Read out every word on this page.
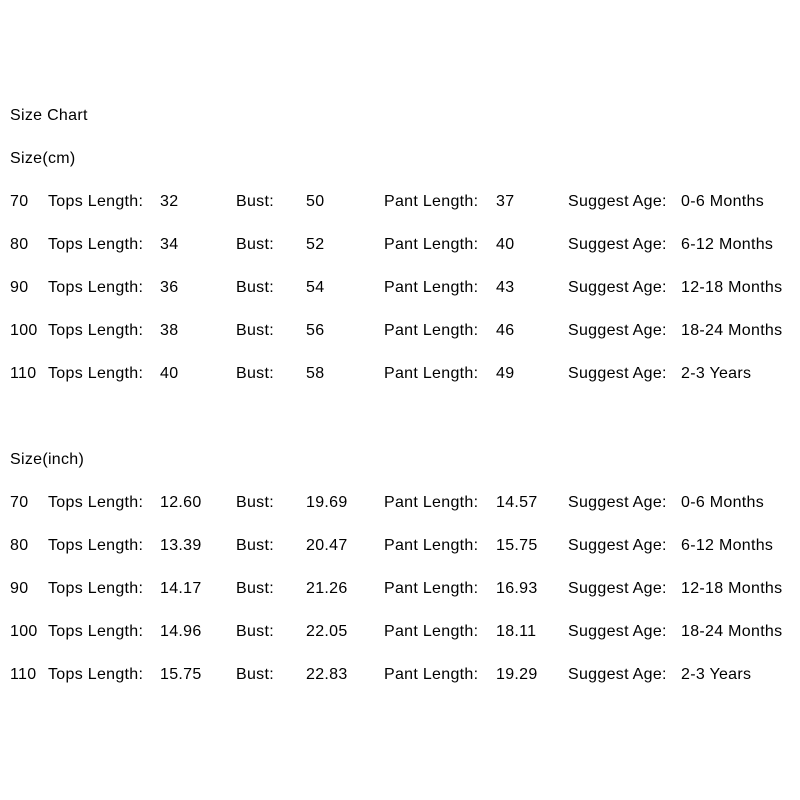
Size Chart
Size(cm)
70	Tops Length:	32	Bust:	50	Pant Length:	37	Suggest Age: 0-6 Months
80	Tops Length:	34	Bust:	52	Pant Length:	40	Suggest Age: 6-12 Months
90	Tops Length:	36	Bust:	54	Pant Length:	43	Suggest Age: 12-18 Months
100 Tops Length:	38	Bust:	56	Pant Length:	46	Suggest Age: 18-24 Months
110 Tops Length:	40	Bust:	58	Pant Length:	49	Suggest Age: 2-3 Years
Size(inch)
70	Tops Length:	12.60	Bust:	19.69	Pant Length:	14.57	Suggest Age: 0-6 Months
80	Tops Length:	13.39	Bust:	20.47	Pant Length:	15.75	Suggest Age: 6-12 Months
90	Tops Length:	14.17	Bust:	21.26	Pant Length:	16.93	Suggest Age: 12-18 Months
100 Tops Length:	14.96	Bust:	22.05	Pant Length:	18.11	Suggest Age: 18-24 Months
110 Tops Length:	15.75	Bust:	22.83	Pant Length:	19.29	Suggest Age: 2-3 Years
